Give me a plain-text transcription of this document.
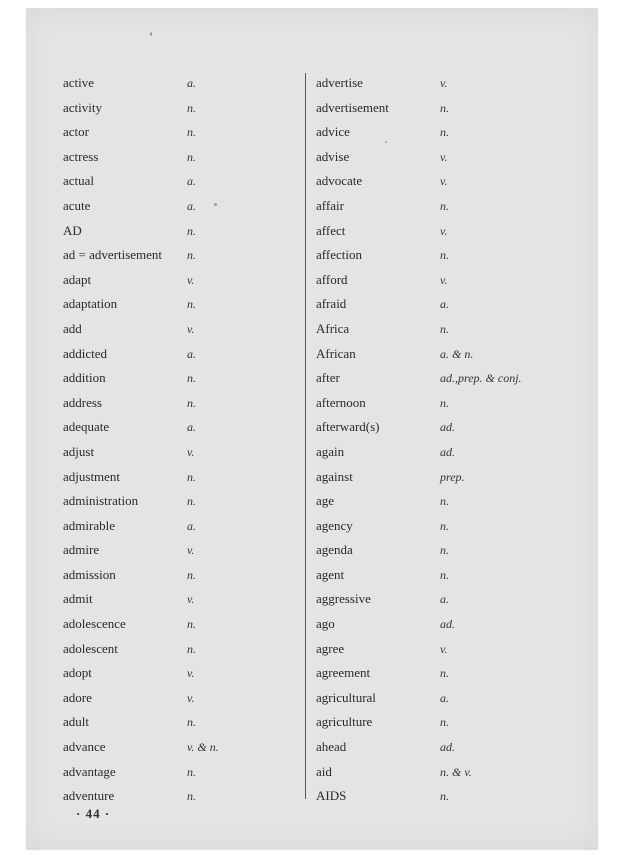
active	a.
activity	n.
actor	n.
actress	n.
actual	a.
acute	a.
AD	n.
ad = advertisement n.
adapt	v.
adaptation	n.
add	v.
addicted	a.
addition	n.
address	n.
adequate	a.
adjust	v.
adjustment	n.
administration	n.
admirable	a.
admire	v.
admission	n.
admit	v.
adolescence	n.
adolescent	n.
adopt	v.
adore	v.
adult	n.
advance	v. & n.
advantage	n.
adventure	n.
advertise	v.
advertisement	n.
advice	n.
advise	v.
advocate	v.
affair	n.
affect	v.
affection	n.
afford	v.
afraid	a.
Africa	n.
African	a. & n.
after	ad.,prep. & conj.
afternoon	n.
afterward(s)	ad.
again	ad.
against	prep.
age	n.
agency	n.
agenda	n.
agent	n.
aggressive	a.
ago	ad.
agree	v.
agreement	n.
agricultural	a.
agriculture	n.
ahead	ad.
aid	n. & v.
AIDS	n.
· 44 ·
